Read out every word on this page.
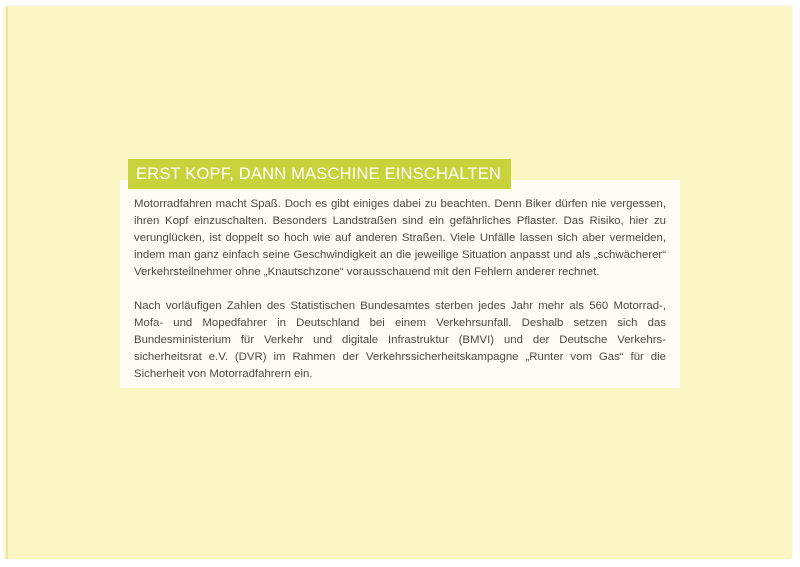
ERST KOPF, DANN MASCHINE EINSCHALTEN
Motorradfahren macht Spaß. Doch es gibt einiges dabei zu beachten. Denn Biker dürfen nie vergessen,
ihren Kopf einzuschalten. Besonders Landstraßen sind ein gefährliches Pflaster. Das Risiko, hier zu
verunglücken, ist doppelt so hoch wie auf anderen Straßen. Viele Unfälle lassen sich aber vermeiden,
indem man ganz einfach seine Geschwindigkeit an die jeweilige Situation anpasst und als „schwächerer“
Verkehrsteilnehmer ohne „Knautschzone“ vorausschauend mit den Fehlern anderer rechnet.
Nach vorläufigen Zahlen des Statistischen Bundesamtes sterben jedes Jahr mehr als 560 Motorrad-,
Mofa- und Mopedfahrer in Deutschland bei einem Verkehrsunfall. Deshalb setzen sich das
Bundesministerium für Verkehr und digitale Infrastruktur (BMVI) und der Deutsche Verkehrs-
sicherheitsrat e.V. (DVR) im Rahmen der Verkehrssicherheitskampagne „Runter vom Gas“ für die
Sicherheit von Motorradfahrern ein.
